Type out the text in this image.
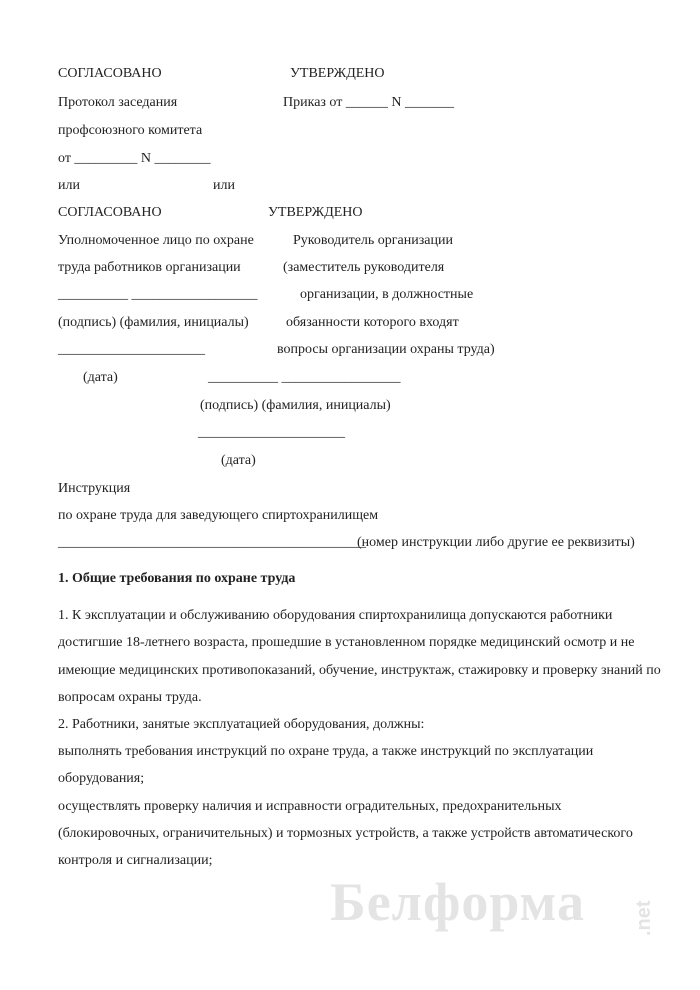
СОГЛАСОВАНО	УТВЕРЖДЕНО
Протокол заседания	Приказ от ______ N _______
профсоюзного комитета
от _________ N ________
или	или
СОГЛАСОВАНО	УТВЕРЖДЕНО
Уполномоченное лицо по охране	Руководитель организации
труда работников организации	(заместитель руководителя
__________ __________________	организации, в должностные
(подпись) (фамилия, инициалы)	обязанности которого входят
_____________________	вопросы организации охраны труда)
(дата)	__________ _________________
(подпись) (фамилия, инициалы)
_____________________
(дата)
Инструкция
по охране труда для заведующего спиртохранилищем
____________________________________________
(номер инструкции либо другие ее реквизиты)
1. Общие требования по охране труда
1. К эксплуатации и обслуживанию оборудования спиртохранилища допускаются работники
достигшие 18-летнего возраста, прошедшие в установленном порядке медицинский осмотр и не
имеющие медицинских противопоказаний, обучение, инструктаж, стажировку и проверку знаний по
вопросам охраны труда.
2. Работники, занятые эксплуатацией оборудования, должны:
выполнять требования инструкций по охране труда, а также инструкций по эксплуатации
оборудования;
осуществлять проверку наличия и исправности оградительных, предохранительных
(блокировочных, ограничительных) и тормозных устройств, а также устройств автоматического
контроля и сигнализации;
Белформа .net
